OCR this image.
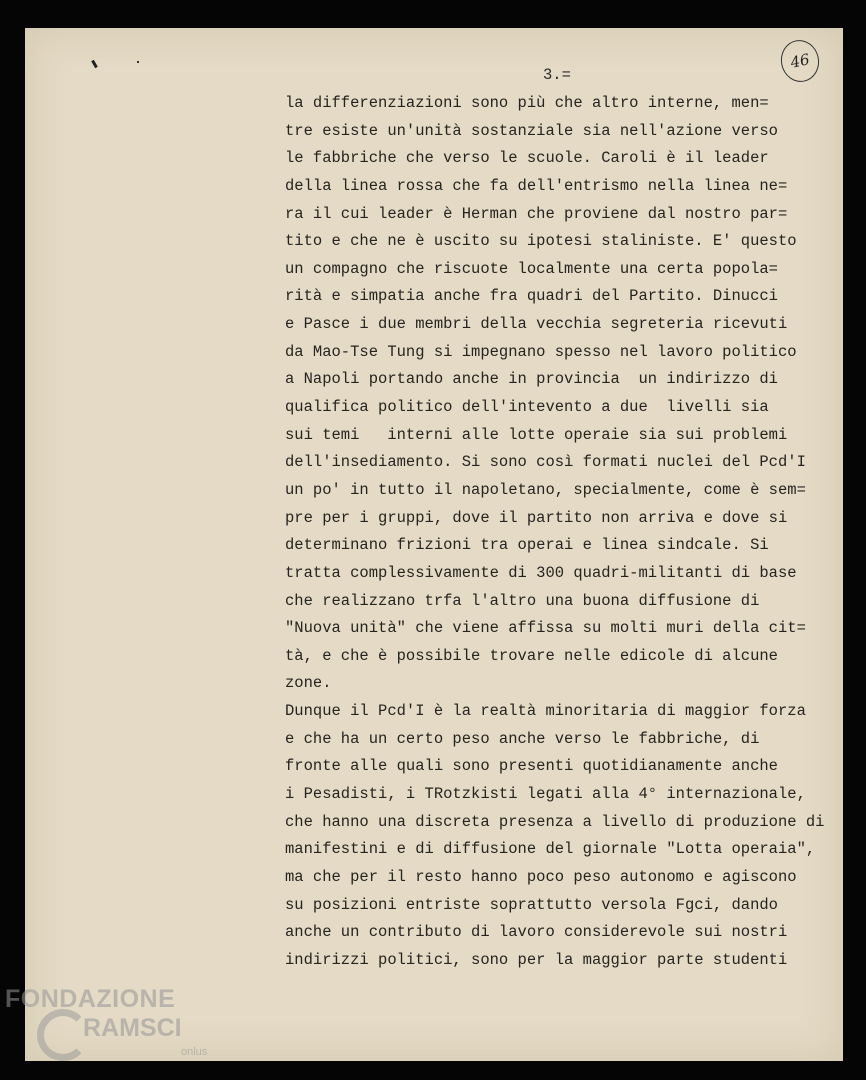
3.=
46
la differenziazioni sono più che altro interne, men=
tre esiste un'unità sostanziale sia nell'azione verso
le fabbriche che verso le scuole. Caroli è il leader
della linea rossa che fa dell'entrismo nella linea ne=
ra il cui leader è Herman che proviene dal nostro par=
tito e che ne è uscito su ipotesi staliniste. E' questo
un compagno che riscuote localmente una certa popola=
rità e simpatia anche fra quadri del Partito. Dinucci
e Pasce i due membri della vecchia segreteria ricevuti
da Mao-Tse Tung si impegnano spesso nel lavoro politico
a Napoli portando anche in provincia  un indirizzo di
qualifica politico dell'intevento a due  livelli sia
sui temi   interni alle lotte operaie sia sui problemi
dell'insediamento. Si sono così formati nuclei del Pcd'I
un po' in tutto il napoletano, specialmente, come è sem=
pre per i gruppi, dove il partito non arriva e dove si
determinano frizioni tra operai e linea sindcale. Si
tratta complessivamente di 300 quadri-militanti di base
che realizzano trfa l'altro una buona diffusione di
"Nuova unità" che viene affissa su molti muri della cit=
tà, e che è possibile trovare nelle edicole di alcune
zone.
Dunque il Pcd'I è la realtà minoritaria di maggior forza
e che ha un certo peso anche verso le fabbriche, di
fronte alle quali sono presenti quotidianamente anche
i Pesadisti, i TRotzkisti legati alla 4° internazionale,
che hanno una discreta presenza a livello di produzione di
manifestini e di diffusione del giornale "Lotta operaia",
ma che per il resto hanno poco peso autonomo e agiscono
su posizioni entriste soprattutto versola Fgci, dando
anche un contributo di lavoro considerevole sui nostri
indirizzi politici, sono per la maggior parte studenti
FONDAZIONE
RAMSCI
onlus
